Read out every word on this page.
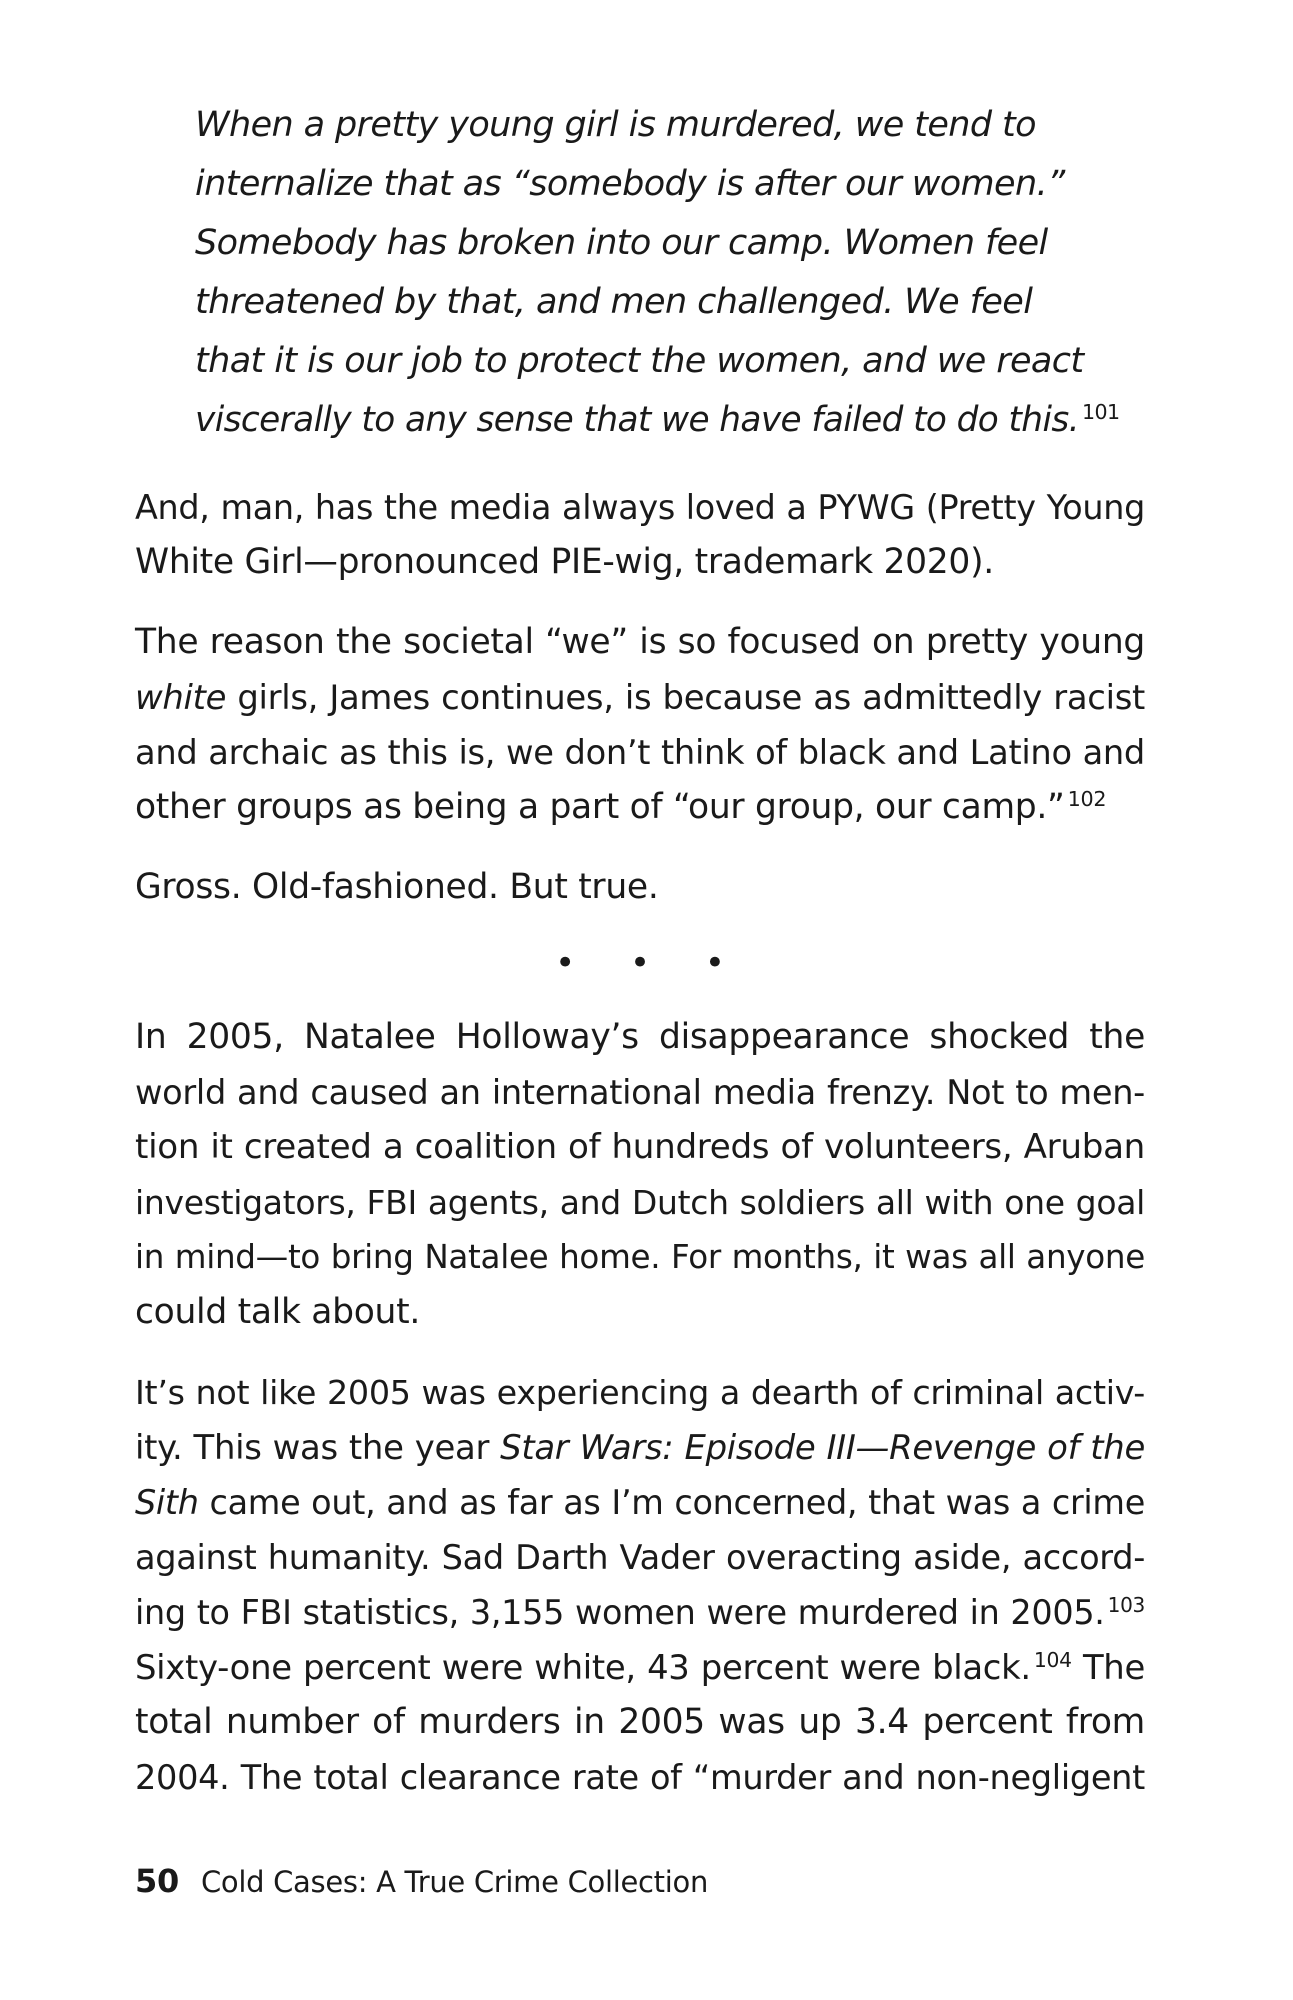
When a pretty young girl is murdered, we tend to
internalize that as “somebody is after our women.”
Somebody has broken into our camp. Women feel
threatened by that, and men challenged. We feel
that it is our job to protect the women, and we react
viscerally to any sense that we have failed to do this. $^{101}$
And, man, has the media always loved a PYWG (Pretty Young
White Girl—pronounced PIE-wig, trademark 2020).
The reason the societal “we” is so focused on pretty young
white girls, James continues, is because as admittedly racist
and archaic as this is, we don’t think of black and Latino and
other groups as being a part of “our group, our camp.” $^{102}$
Gross. Old-fashioned. But true.
• • •
In 2005, Natalee Holloway’s disappearance shocked the
world and caused an international media frenzy. Not to men-
tion it created a coalition of hundreds of volunteers, Aruban
investigators, FBI agents, and Dutch soldiers all with one goal
in mind—to bring Natalee home. For months, it was all anyone
could talk about.
It’s not like 2005 was experiencing a dearth of criminal activ-
ity. This was the year Star Wars: Episode III—Revenge of the
Sith came out, and as far as I’m concerned, that was a crime
against humanity. Sad Darth Vader overacting aside, accord-
ing to FBI statistics, 3,155 women were murdered in 2005. $^{103}$
Sixty-one percent were white, 43 percent were black. $^{104}$ The
total number of murders in 2005 was up 3.4 percent from
2004. The total clearance rate of “murder and non-negligent
50 Cold Cases: A True Crime Collection
